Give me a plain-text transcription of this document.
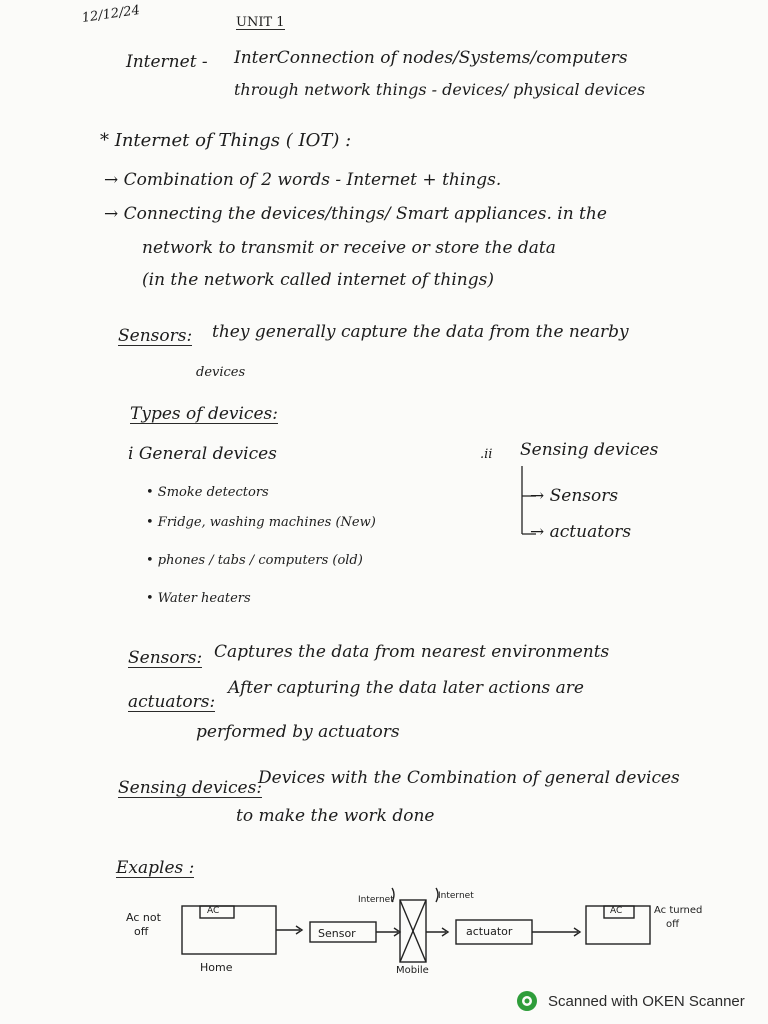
12/12/24	UNIT 1
Internet - InterConnection of nodes/Systems/computers
through network things - devices/ physical devices
* Internet of Things ( IOT) :
→ Combination of 2 words - Internet + things.
→ Connecting the devices/things/ Smart appliances. in the
network to transmit or receive or store the data
(in the network called internet of things)
Sensors: they generally capture the data from the nearby
devices
Types of devices:
i General devices
• Smoke detectors
• Fridge, washing machines (New)
• phones / tabs / computers (old)
• Water heaters
.ii Sensing devices
→ Sensors
→ actuators
Sensors: Captures the data from nearest environments
actuators:
After capturing the data later actions are
performed by actuators
Sensing devices:
Devices with the Combination of general devices
to make the work done
Exaples :
Ac not
off
AC
Home
Sensor
Internet	Internet
Mobile
actuator
AC	Ac turned
off
Scanned with OKEN Scanner
